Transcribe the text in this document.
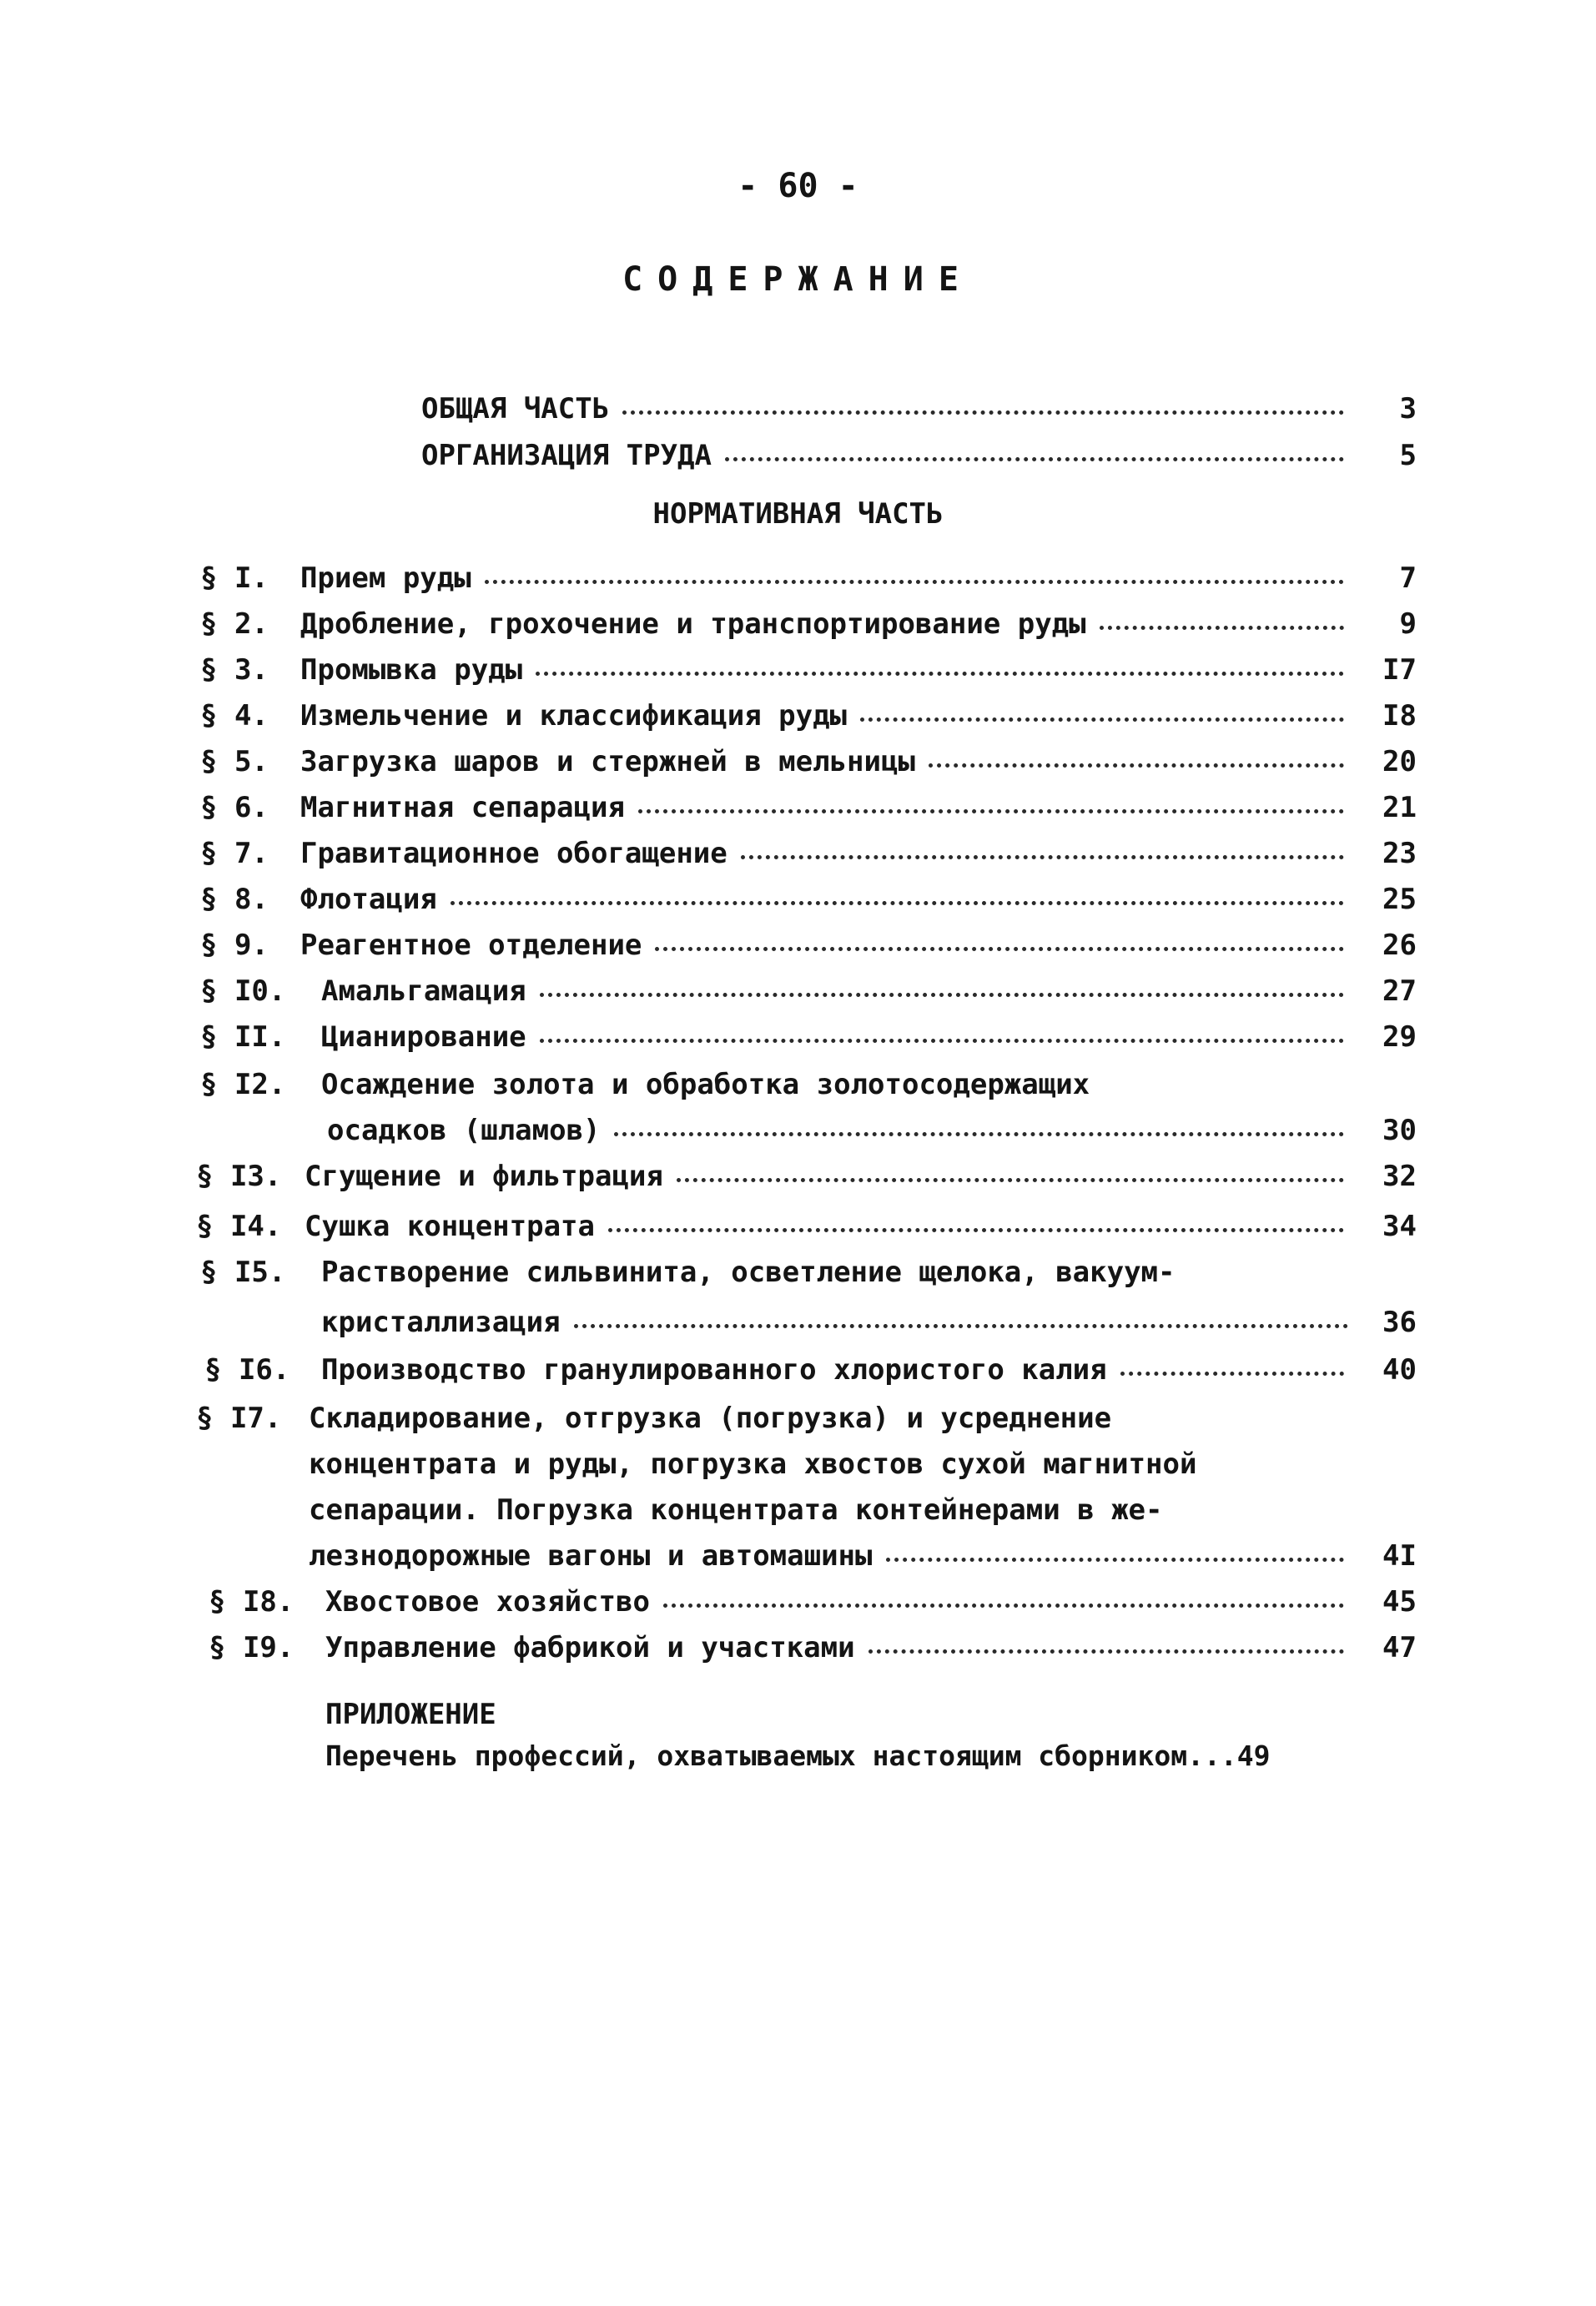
- 60 -
СОДЕРЖАНИЕ
ОБЩАЯ ЧАСТЬ	3
ОРГАНИЗАЦИЯ ТРУДА	5
НОРМАТИВНАЯ ЧАСТЬ
§ I. Прием руды	7
§ 2. Дробление, грохочение и транспортирование руды	9
§ 3. Промывка руды	I7
§ 4. Измельчение и классификация руды	I8
§ 5. Загрузка шаров и стержней в мельницы	20
§ 6. Магнитная сепарация	21
§ 7. Гравитационное обогащение	23
§ 8. Флотация	25
§ 9. Реагентное отделение	26
§ I0. Амальгамация	27
§ II. Цианирование	29
§ I2. Осаждение золота и обработка золотосодержащих
осадков (шламов)	30
§ I3. Сгущение и фильтрация	32
§ I4. Сушка концентрата	34
§ I5. Растворение сильвинита, осветление щелока, вакуум-
кристаллизация	36
§ I6. Производство гранулированного хлористого калия	40
§ I7. Складирование, отгрузка (погрузка) и усреднение
концентрата и руды, погрузка хвостов сухой магнитной
сепарации. Погрузка концентрата контейнерами в же-
лезнодорожные вагоны и автомашины	4I
§ I8. Хвостовое хозяйство	45
§ I9. Управление фабрикой и участками	47
ПРИЛОЖЕНИЕ
Перечень профессий, охватываемых настоящим сборником...49
